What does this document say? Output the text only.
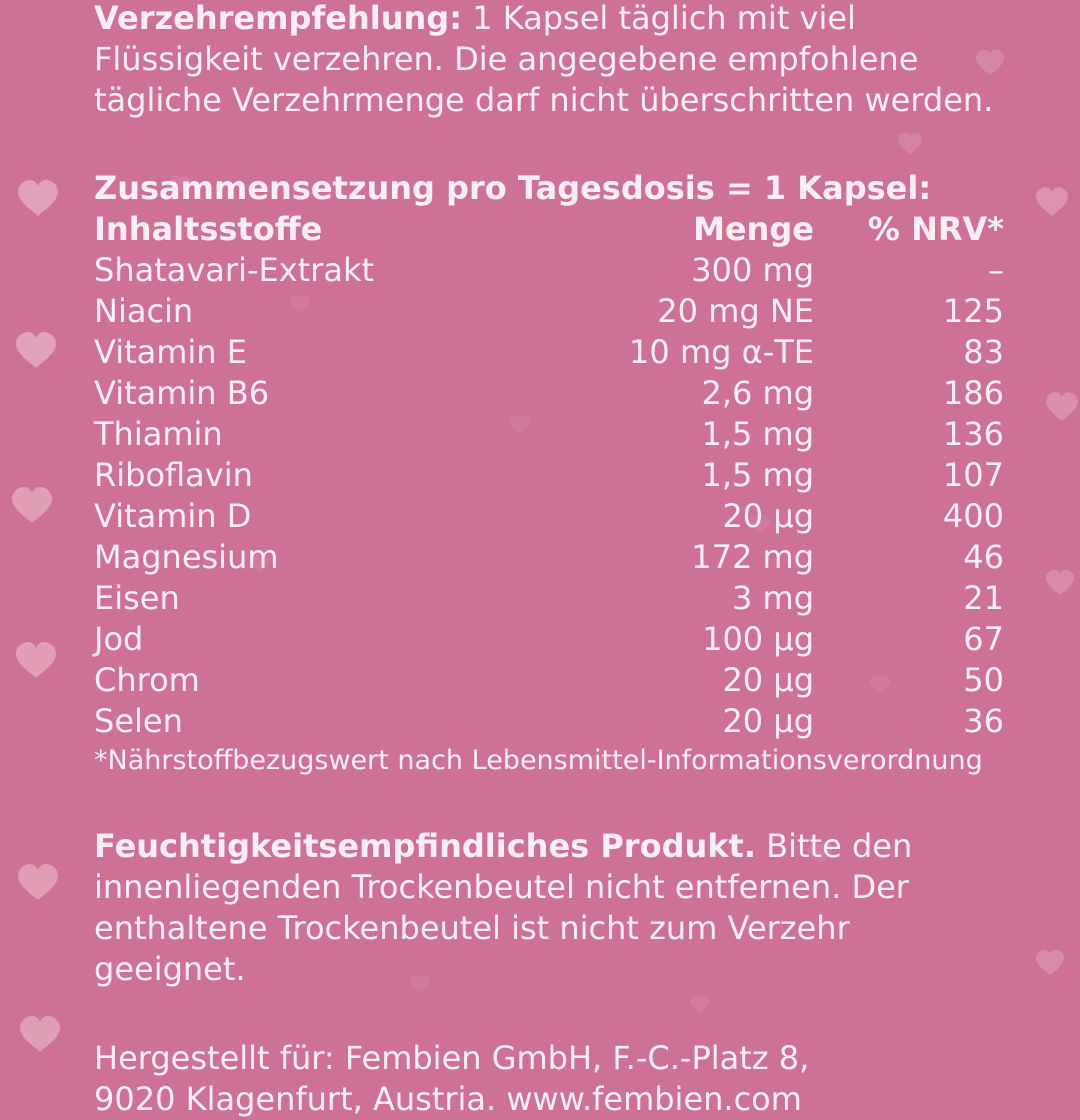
Verzehrempfehlung: 1 Kapsel täglich mit viel Flüssigkeit verzehren. Die angegebene empfohlene tägliche Verzehrmenge darf nicht überschritten werden.

Zusammensetzung pro Tagesdosis = 1 Kapsel:

Inhaltsstoffe	Menge	% NRV*
Shatavari-Extrakt	300 mg	–
Niacin	20 mg NE	125
Vitamin E	10 mg α-TE	83
Vitamin B6	2,6 mg	186
Thiamin	1,5 mg	136
Riboflavin	1,5 mg	107
Vitamin D	20 µg	400
Magnesium	172 mg	46
Eisen	3 mg	21
Jod	100 µg	67
Chrom	20 µg	50
Selen	20 µg	36

*Nährstoffbezugswert nach Lebensmittel-Informationsverordnung

Feuchtigkeitsempfindliches Produkt. Bitte den innenliegenden Trockenbeutel nicht entfernen. Der enthaltene Trockenbeutel ist nicht zum Verzehr geeignet.

Hergestellt für: Fembien GmbH, F.-C.-Platz 8,
9020 Klagenfurt, Austria. www.fembien.com
